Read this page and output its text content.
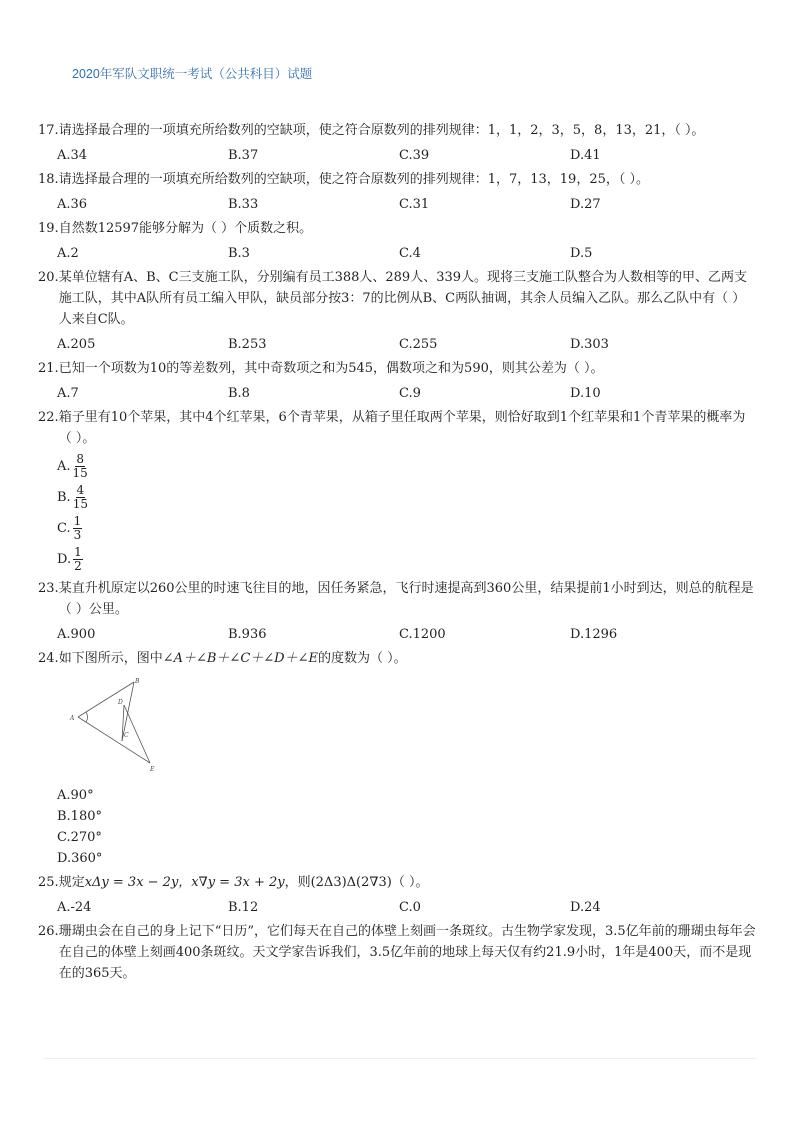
2020年军队文职统一考试（公共科目）试题
17. 请选择最合理的一项填充所给数列的空缺项，使之符合原数列的排列规律：1，1，2，3，5，8，13，21，（ ）。
A.34	B.37	C.39	D.41
18. 请选择最合理的一项填充所给数列的空缺项，使之符合原数列的排列规律：1，7，13，19，25，（ ）。
A.36	B.33	C.31	D.27
19. 自然数12597能够分解为（ ）个质数之积。
A.2	B.3	C.4	D.5
20. 某单位辖有A、B、C三支施工队，分别编有员工388人、289人、339人。现将三支施工队整合为人数相等的甲、乙两支施工队，其中A队所有员工编入甲队，缺员部分按3：7的比例从B、C两队抽调，其余人员编入乙队。那么乙队中有（ ）人来自C队。
A.205	B.253	C.255	D.303
21. 已知一个项数为10的等差数列，其中奇数项之和为545，偶数项之和为590，则其公差为（ ）。
A.7	B.8	C.9	D.10
22. 箱子里有10个苹果，其中4个红苹果，6个青苹果，从箱子里任取两个苹果，则恰好取到1个红苹果和1个青苹果的概率为（ ）。
A. $\frac{8}{15}$
B. $\frac{4}{15}$
C. $\frac{1}{3}$
D. $\frac{1}{2}$
23. 某直升机原定以260公里的时速飞往目的地，因任务紧急，飞行时速提高到360公里，结果提前1小时到达，则总的航程是（ ）公里。
A.900	B.936	C.1200	D.1296
24. 如下图所示，图中∠A＋∠B＋∠C＋∠D＋∠E的度数为（ ）。
A
B
C
D
E
A.90°
B.180°
C.270°
D.360°
25. 规定xΔy = 3x − 2y，x∇y = 3x + 2y，则(2Δ3)Δ(2∇3)（ ）。
A.-24	B.12	C.0	D.24
26. 珊瑚虫会在自己的身上记下“日历”，它们每天在自己的体壁上刻画一条斑纹。古生物学家发现，3.5亿年前的珊瑚虫每年会在自己的体壁上刻画400条斑纹。天文学家告诉我们，3.5亿年前的地球上每天仅有约21.9小时，1年是400天，而不是现在的365天。
